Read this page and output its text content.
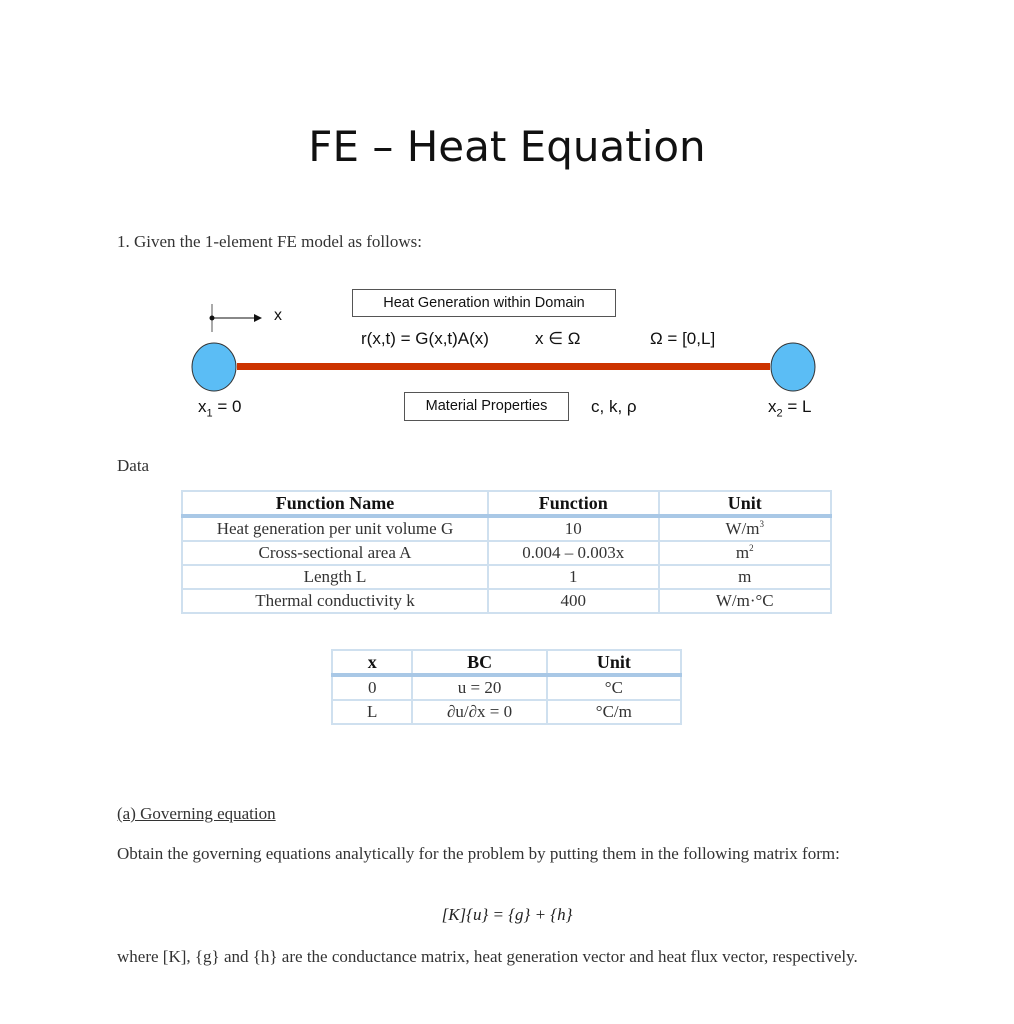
FE – Heat Equation
1. Given the 1-element FE model as follows:
x
Heat Generation within Domain
r(x,t) = G(x,t)A(x)	x ∈ Ω	Ω = [0,L]
Material Properties	c, k, ρ
$x_1 = 0$	$x_2 = L$
Data
Function Name	Function	Unit
Heat generation per unit volume G	10	$W/m^3$
Cross-sectional area A	0.004 – 0.003x	$m^2$
Length L	1	m
Thermal conductivity k	400	W/m·°C
x	BC	Unit
0	u = 20	°C
L	∂u/∂x = 0	°C/m
(a) Governing equation
Obtain the governing equations analytically for the problem by putting them in the following matrix form:
[K]{u} = {g} + {h}
where [K], {g} and {h} are the conductance matrix, heat generation vector and heat flux vector, respectively.
